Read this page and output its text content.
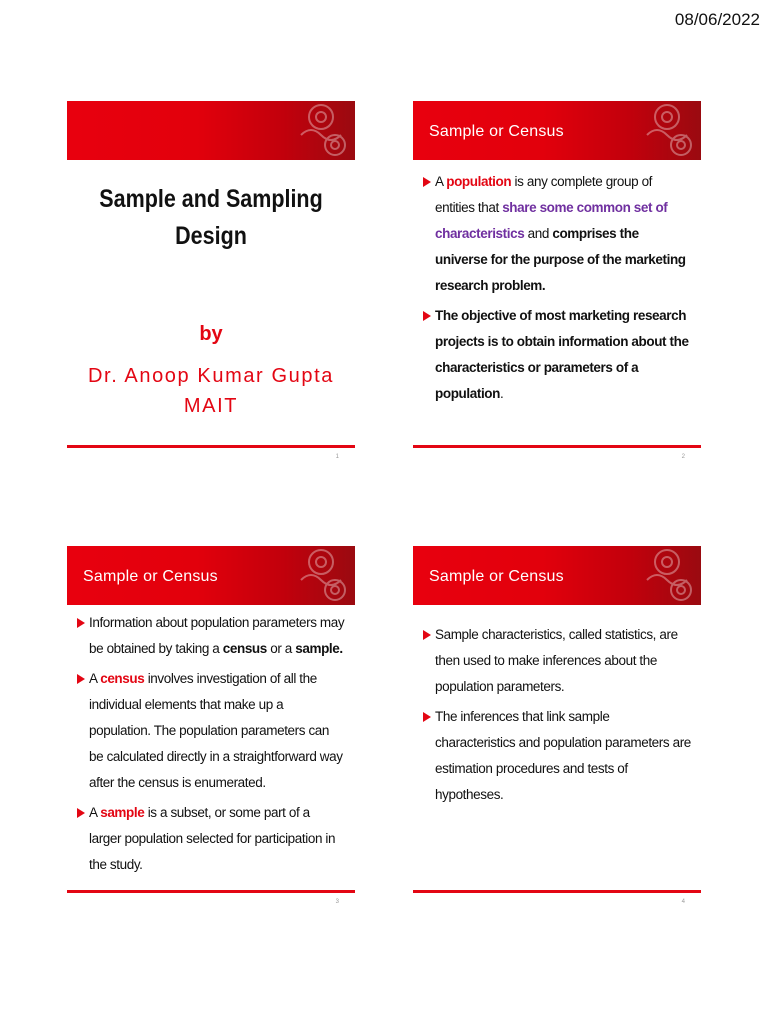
08/06/2022
Sample and Sampling
Design
by
Dr. Anoop Kumar Gupta
MAIT
1
Sample or Census
A population is any complete group of entities that share some common set of characteristics and comprises the universe for the purpose of the marketing research problem.
The objective of most marketing research projects is to obtain information about the characteristics or parameters of a population.
2
Sample or Census
Information about population parameters may be obtained by taking a census or a sample.
A census involves investigation of all the individual elements that make up a population. The population parameters can be calculated directly in a straightforward way after the census is enumerated.
A sample is a subset, or some part of a larger population selected for participation in the study.
3
Sample or Census
Sample characteristics, called statistics, are then used to make inferences about the population parameters.
The inferences that link sample characteristics and population parameters are estimation procedures and tests of hypotheses.
4
